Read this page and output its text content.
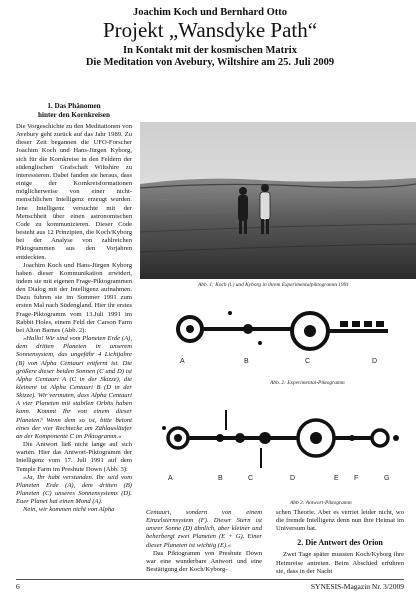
Joachim Koch und Bernhard Otto
Projekt „Wansdyke Path“
In Kontakt mit der kosmischen Matrix
Die Meditation von Avebury, Wiltshire am 25. Juli 2009
1. Das Phänomen
hinter den Kornkreisen

Die Vorgeschichte zu den Meditationen von Avebury geht zurück auf das Jahr 1989. Zu dieser Zeit begannen die UFO-Forscher Joachim Koch und Hans-Jürgen Kyborg, sich für die Kornkreise in den Feldern der südenglischen Grafschaft Wiltshire zu interessieren. Dabei fanden sie heraus, dass einige der Kornkreisformationen möglicherweise von einer nicht-menschlichen Intelligenz erzeugt wurden. Jene Intelligenz versuchte mit der Menschheit über einen astronomischen Code zu kommunizieren. Dieser Code besteht aus 12 Prinzipien, die Koch/Kyborg bei der Analyse von zahlreichen Piktogrammen aus den Vorjahren entdeckten.

Joachim Koch und Hans-Jürgen Kyborg haben dieser Kommunikation erwidert, indem sie mit eigenen Frage-Piktogrammen den Dialog mit der Intelligenz aufnahmen. Dazu fuhren sie im Sommer 1991 zum ersten Mal nach Südengland. Hier ihr erstes Frage-Piktogramm vom 13.Juli 1991 im Rabbit Holes, einem Feld der Carson Farm bei Alton Barnes (Abb. 2):

»Hallo! Wir sind vom Planeten Erde (A), dem dritten Planeten in unserem Sonnensystem, das ungefähr 4 Lichtjahre (B) von Alpha Centauri entfernt ist. Die größere dieser beiden Sonnen (C und D) ist Alpha Centauri A (C in der Skizze), die kleinere ist Alpha Centauri B (D in der Skizze). Wir vermuten, dass Alpha Centauri A vier Planeten mit stabilen Orbits haben kann. Kommt Ihr von einem dieser Planeten? Wenn dem so ist, bitte betont eines der vier Rechtecke am Zählausläufer an der Komponente C im Piktogramm.«

Die Antwort ließ nicht lange auf sich warten. Hier das Antwort-Piktogramm der Intelligenz vom 17. Juli 1991 auf dem Temple Farm im Preshute Down (Abb. 3):

»Ja, Ihr habt verstanden. Ihr seid vom Planeten Erde (A), dem dritten (B) Planeten (C) unseres Sonnensystems (D). Euer Planet hat einen Mond (A).

Nein, wir kommen nicht von Alpha

Abb. 1: Koch (l.) und Kyborg in ihrem Experimentalpiktogramm 1991
A	B	C	D
Abb. 2: Experimental-Piktogramm
A	B	C	D	E F	G
Abb 3: Antwort-Piktogramm

Centauri, sondern von einem Einzelsternsystem (F). Dieser Stern ist unsrer Sonne (D) ähnlich, aber kleiner und beherbergt zwei Planeten (E + G). Einer dieser Planeten ist wichtig (E).«

Das Piktogramm von Preshute Down war eine wunderbare Antwort und eine Bestätigung der Koch/Kyborg-

schen Theorie. Aber es verriet leider nicht, wo die fremde Intelligenz denn nun ihre Heimat im Universum hat.

2. Die Antwort des Orion

Zwei Tage später mussten Koch/Kyborg ihre Heimreise antreten. Beim Abschied erfuhren sie, dass in der Nacht

6	SYNESIS-Magazin Nr. 3/2009
